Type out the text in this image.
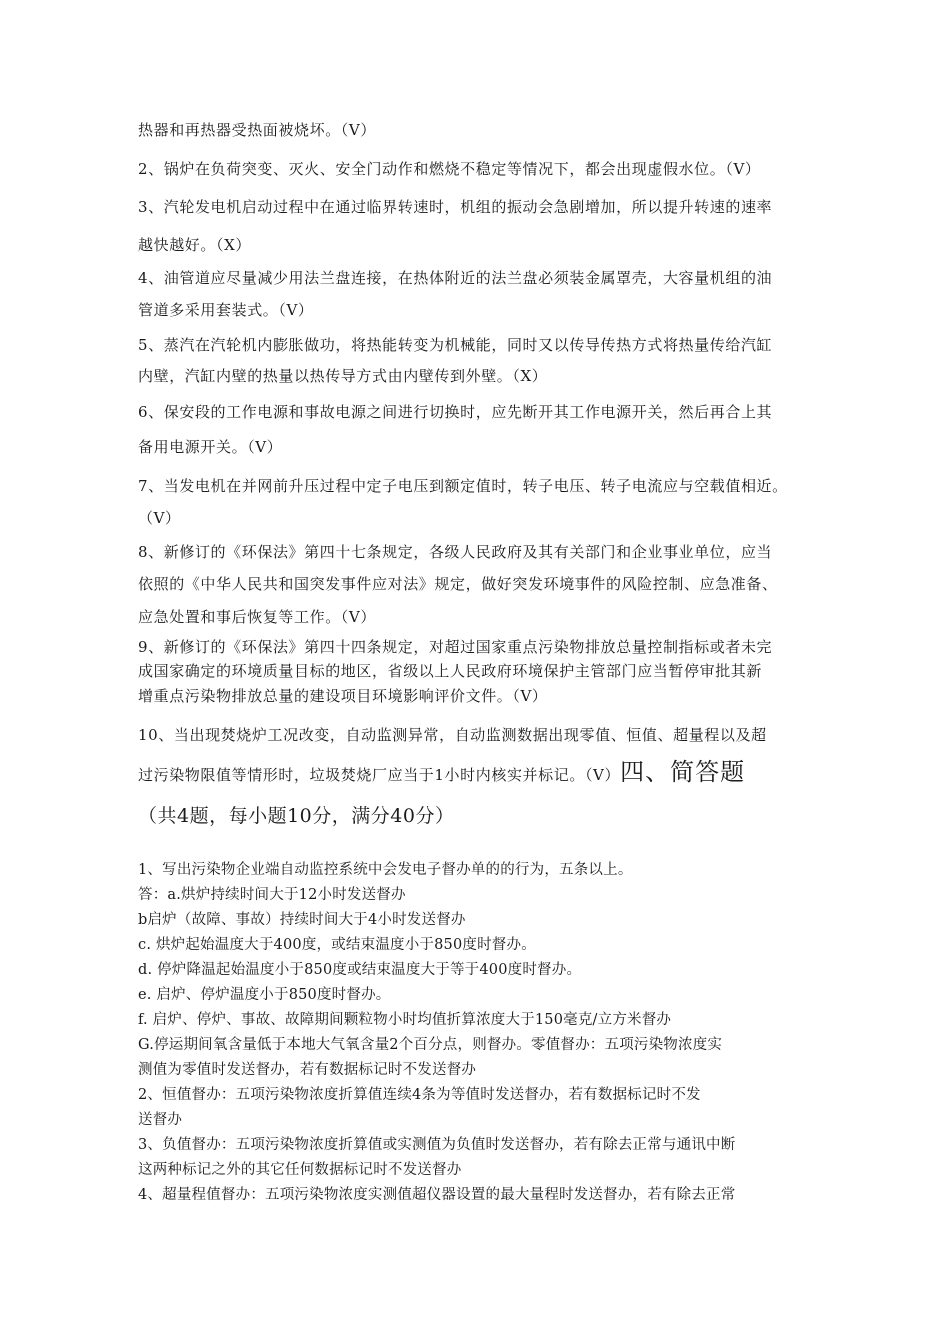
热器和再热器受热面被烧坏。（V）
2、锅炉在负荷突变、灭火、安全门动作和燃烧不稳定等情况下，都会出现虚假水位。（V）
3、汽轮发电机启动过程中在通过临界转速时，机组的振动会急剧增加，所以提升转速的速率
越快越好。（X）
4、油管道应尽量减少用法兰盘连接，在热体附近的法兰盘必须装金属罩壳，大容量机组的油
管道多采用套装式。（V）
5、蒸汽在汽轮机内膨胀做功，将热能转变为机械能，同时又以传导传热方式将热量传给汽缸
内壁，汽缸内壁的热量以热传导方式由内壁传到外壁。（X）
6、保安段的工作电源和事故电源之间进行切换时，应先断开其工作电源开关，然后再合上其
备用电源开关。（V）
7、当发电机在并网前升压过程中定子电压到额定值时，转子电压、转子电流应与空载值相近。
（V）
8、新修订的《环保法》第四十七条规定，各级人民政府及其有关部门和企业事业单位，应当
依照的《中华人民共和国突发事件应对法》规定，做好突发环境事件的风险控制、应急准备、
应急处置和事后恢复等工作。（V）
9、新修订的《环保法》第四十四条规定，对超过国家重点污染物排放总量控制指标或者未完
成国家确定的环境质量目标的地区，省级以上人民政府环境保护主管部门应当暂停审批其新
增重点污染物排放总量的建设项目环境影响评价文件。（V）
10、当出现焚烧炉工况改变，自动监测异常，自动监测数据出现零值、恒值、超量程以及超
过污染物限值等情形时，垃圾焚烧厂应当于1小时内核实并标记。（V）四、简答题
（共4题，每小题10分，满分40分）
1、写出污染物企业端自动监控系统中会发电子督办单的的行为，五条以上。
答：a.烘炉持续时间大于12小时发送督办
b启炉（故障、事故）持续时间大于4小时发送督办
c. 烘炉起始温度大于400度，或结束温度小于850度时督办。
d. 停炉降温起始温度小于850度或结束温度大于等于400度时督办。
e. 启炉、停炉温度小于850度时督办。
f. 启炉、停炉、事故、故障期间颗粒物小时均值折算浓度大于150毫克/立方米督办
G.停运期间氧含量低于本地大气氧含量2个百分点，则督办。零值督办：五项污染物浓度实
测值为零值时发送督办，若有数据标记时不发送督办
2、恒值督办：五项污染物浓度折算值连续4条为等值时发送督办，若有数据标记时不发
送督办
3、负值督办：五项污染物浓度折算值或实测值为负值时发送督办，若有除去正常与通讯中断
这两种标记之外的其它任何数据标记时不发送督办
4、超量程值督办：五项污染物浓度实测值超仪器设置的最大量程时发送督办，若有除去正常
